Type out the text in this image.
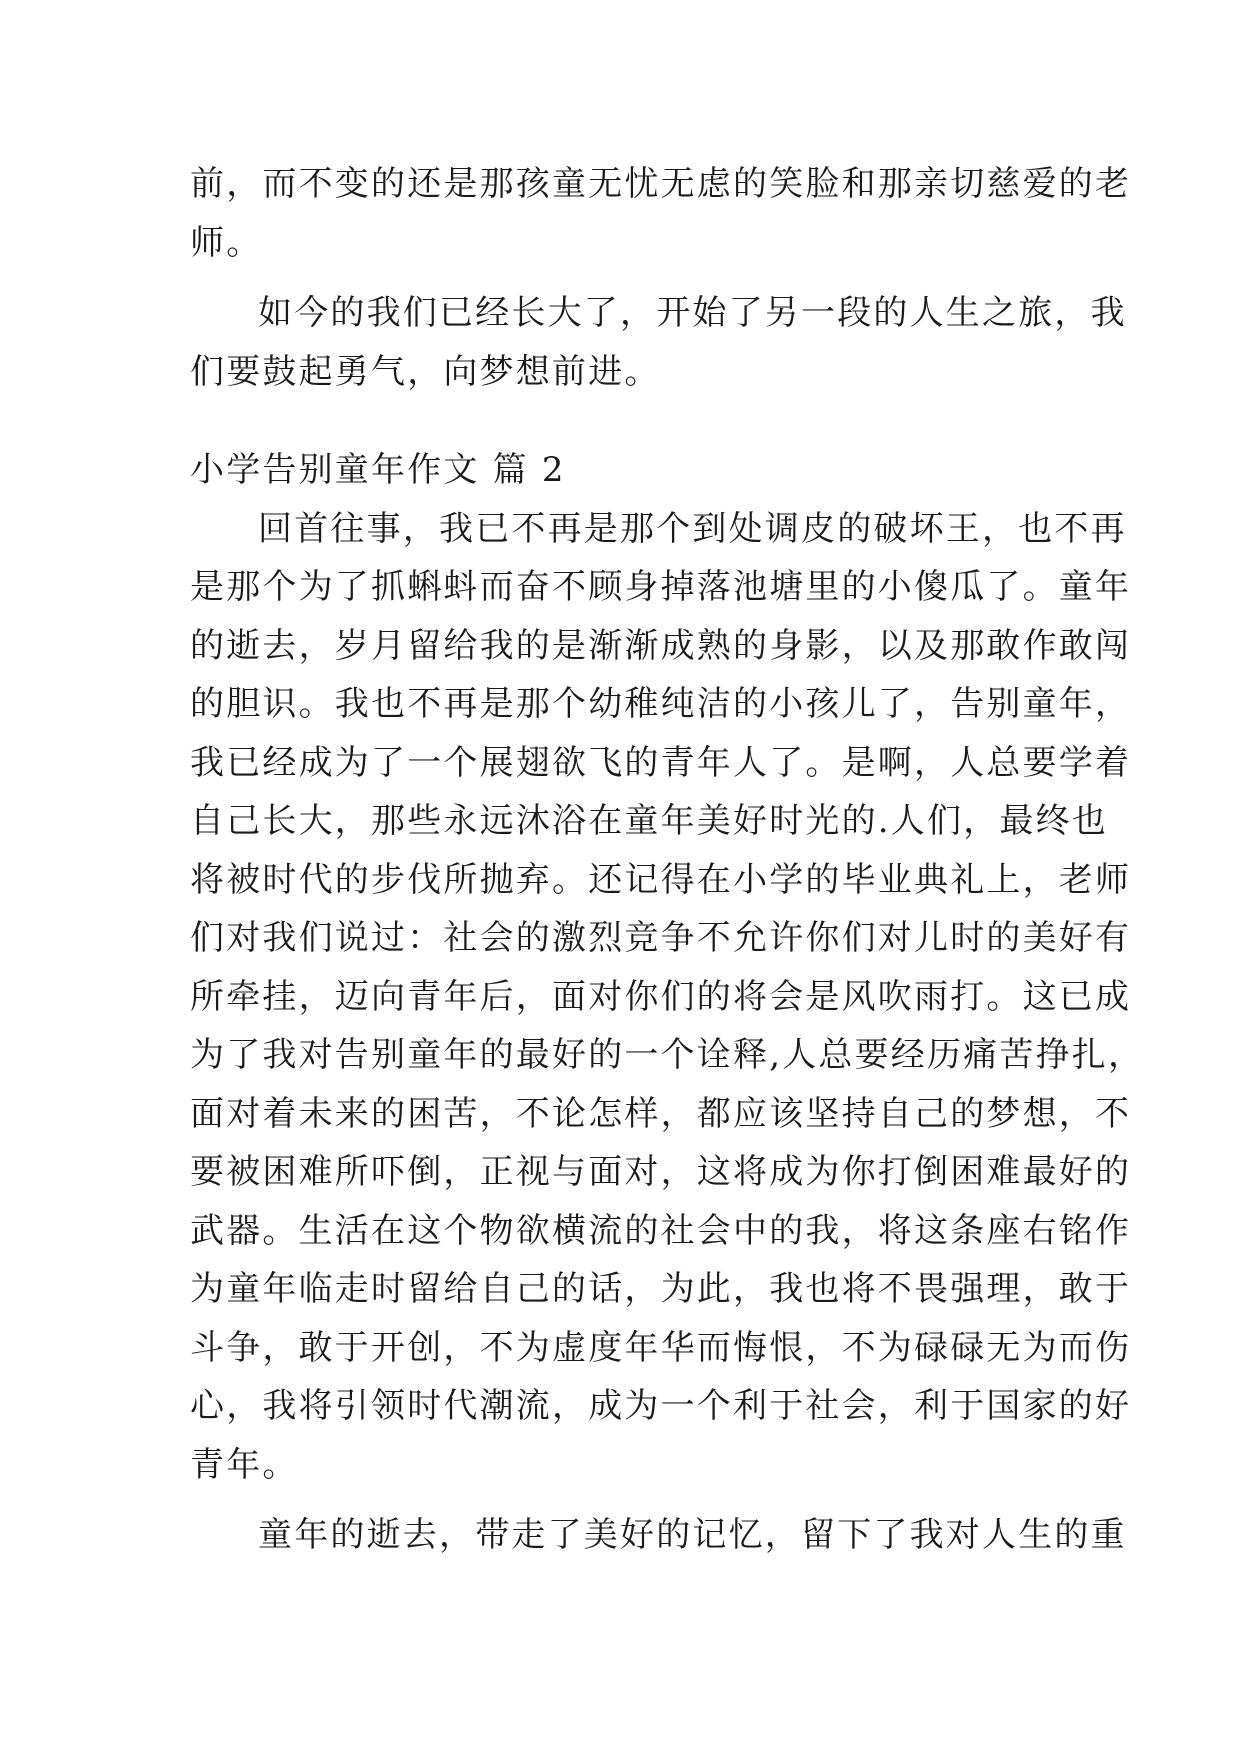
前，而不变的还是那孩童无忧无虑的笑脸和那亲切慈爱的老
师。
如今的我们已经长大了，开始了另一段的人生之旅，我
们要鼓起勇气，向梦想前进。
小学告别童年作文 篇 2
回首往事，我已不再是那个到处调皮的破坏王，也不再
是那个为了抓蝌蚪而奋不顾身掉落池塘里的小傻瓜了。童年
的逝去，岁月留给我的是渐渐成熟的身影，以及那敢作敢闯
的胆识。我也不再是那个幼稚纯洁的小孩儿了，告别童年，
我已经成为了一个展翅欲飞的青年人了。是啊，人总要学着
自己长大，那些永远沐浴在童年美好时光的.人们，最终也
将被时代的步伐所抛弃。还记得在小学的毕业典礼上，老师
们对我们说过：社会的激烈竞争不允许你们对儿时的美好有
所牵挂，迈向青年后，面对你们的将会是风吹雨打。这已成
为了我对告别童年的最好的一个诠释,人总要经历痛苦挣扎，
面对着未来的困苦，不论怎样，都应该坚持自己的梦想，不
要被困难所吓倒，正视与面对，这将成为你打倒困难最好的
武器。生活在这个物欲横流的社会中的我，将这条座右铭作
为童年临走时留给自己的话，为此，我也将不畏强理，敢于
斗争，敢于开创，不为虚度年华而悔恨，不为碌碌无为而伤
心，我将引领时代潮流，成为一个利于社会，利于国家的好
青年。
童年的逝去，带走了美好的记忆，留下了我对人生的重
